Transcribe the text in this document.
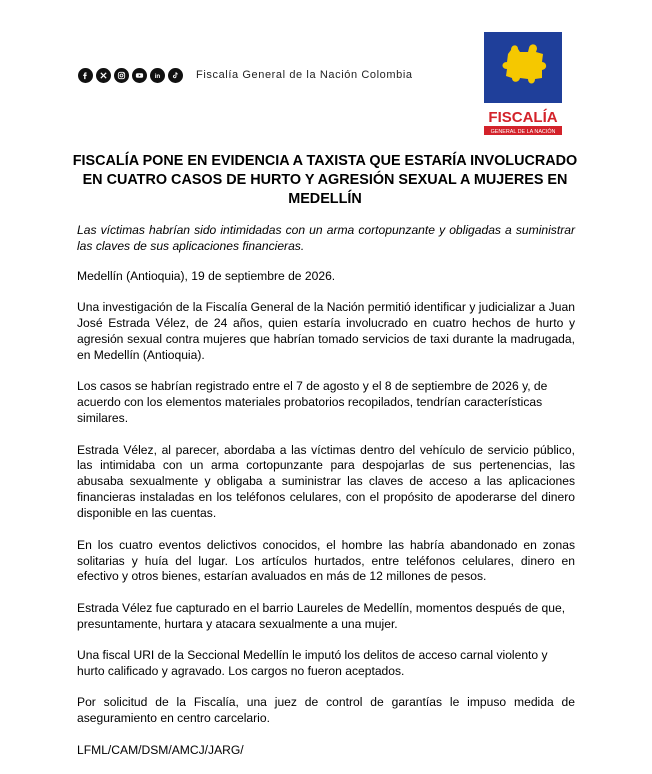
in	Fiscalía General de la Nación Colombia
FISCALÍA
GENERAL DE LA NACIÓN
FISCALÍA PONE EN EVIDENCIA A TAXISTA QUE ESTARÍA INVOLUCRADO EN CUATRO CASOS DE HURTO Y AGRESIÓN SEXUAL A MUJERES EN MEDELLÍN

Las víctimas habrían sido intimidadas con un arma cortopunzante y obligadas a suministrar las claves de sus aplicaciones financieras.

Medellín (Antioquia), 19 de septiembre de 2026.

Una investigación de la Fiscalía General de la Nación permitió identificar y judicializar a Juan José Estrada Vélez, de 24 años, quien estaría involucrado en cuatro hechos de hurto y agresión sexual contra mujeres que habrían tomado servicios de taxi durante la madrugada, en Medellín (Antioquia).

Los casos se habrían registrado entre el 7 de agosto y el 8 de septiembre de 2026 y, de acuerdo con los elementos materiales probatorios recopilados, tendrían características similares.

Estrada Vélez, al parecer, abordaba a las víctimas dentro del vehículo de servicio público, las intimidaba con un arma cortopunzante para despojarlas de sus pertenencias, las abusaba sexualmente y obligaba a suministrar las claves de acceso a las aplicaciones financieras instaladas en los teléfonos celulares, con el propósito de apoderarse del dinero disponible en las cuentas.

En los cuatro eventos delictivos conocidos, el hombre las habría abandonado en zonas solitarias y huía del lugar. Los artículos hurtados, entre teléfonos celulares, dinero en efectivo y otros bienes, estarían avaluados en más de 12 millones de pesos.

Estrada Vélez fue capturado en el barrio Laureles de Medellín, momentos después de que, presuntamente, hurtara y atacara sexualmente a una mujer.

Una fiscal URI de la Seccional Medellín le imputó los delitos de acceso carnal violento y hurto calificado y agravado. Los cargos no fueron aceptados.

Por solicitud de la Fiscalía, una juez de control de garantías le impuso medida de aseguramiento en centro carcelario.

LFML/CAM/DSM/AMCJ/JARG/
